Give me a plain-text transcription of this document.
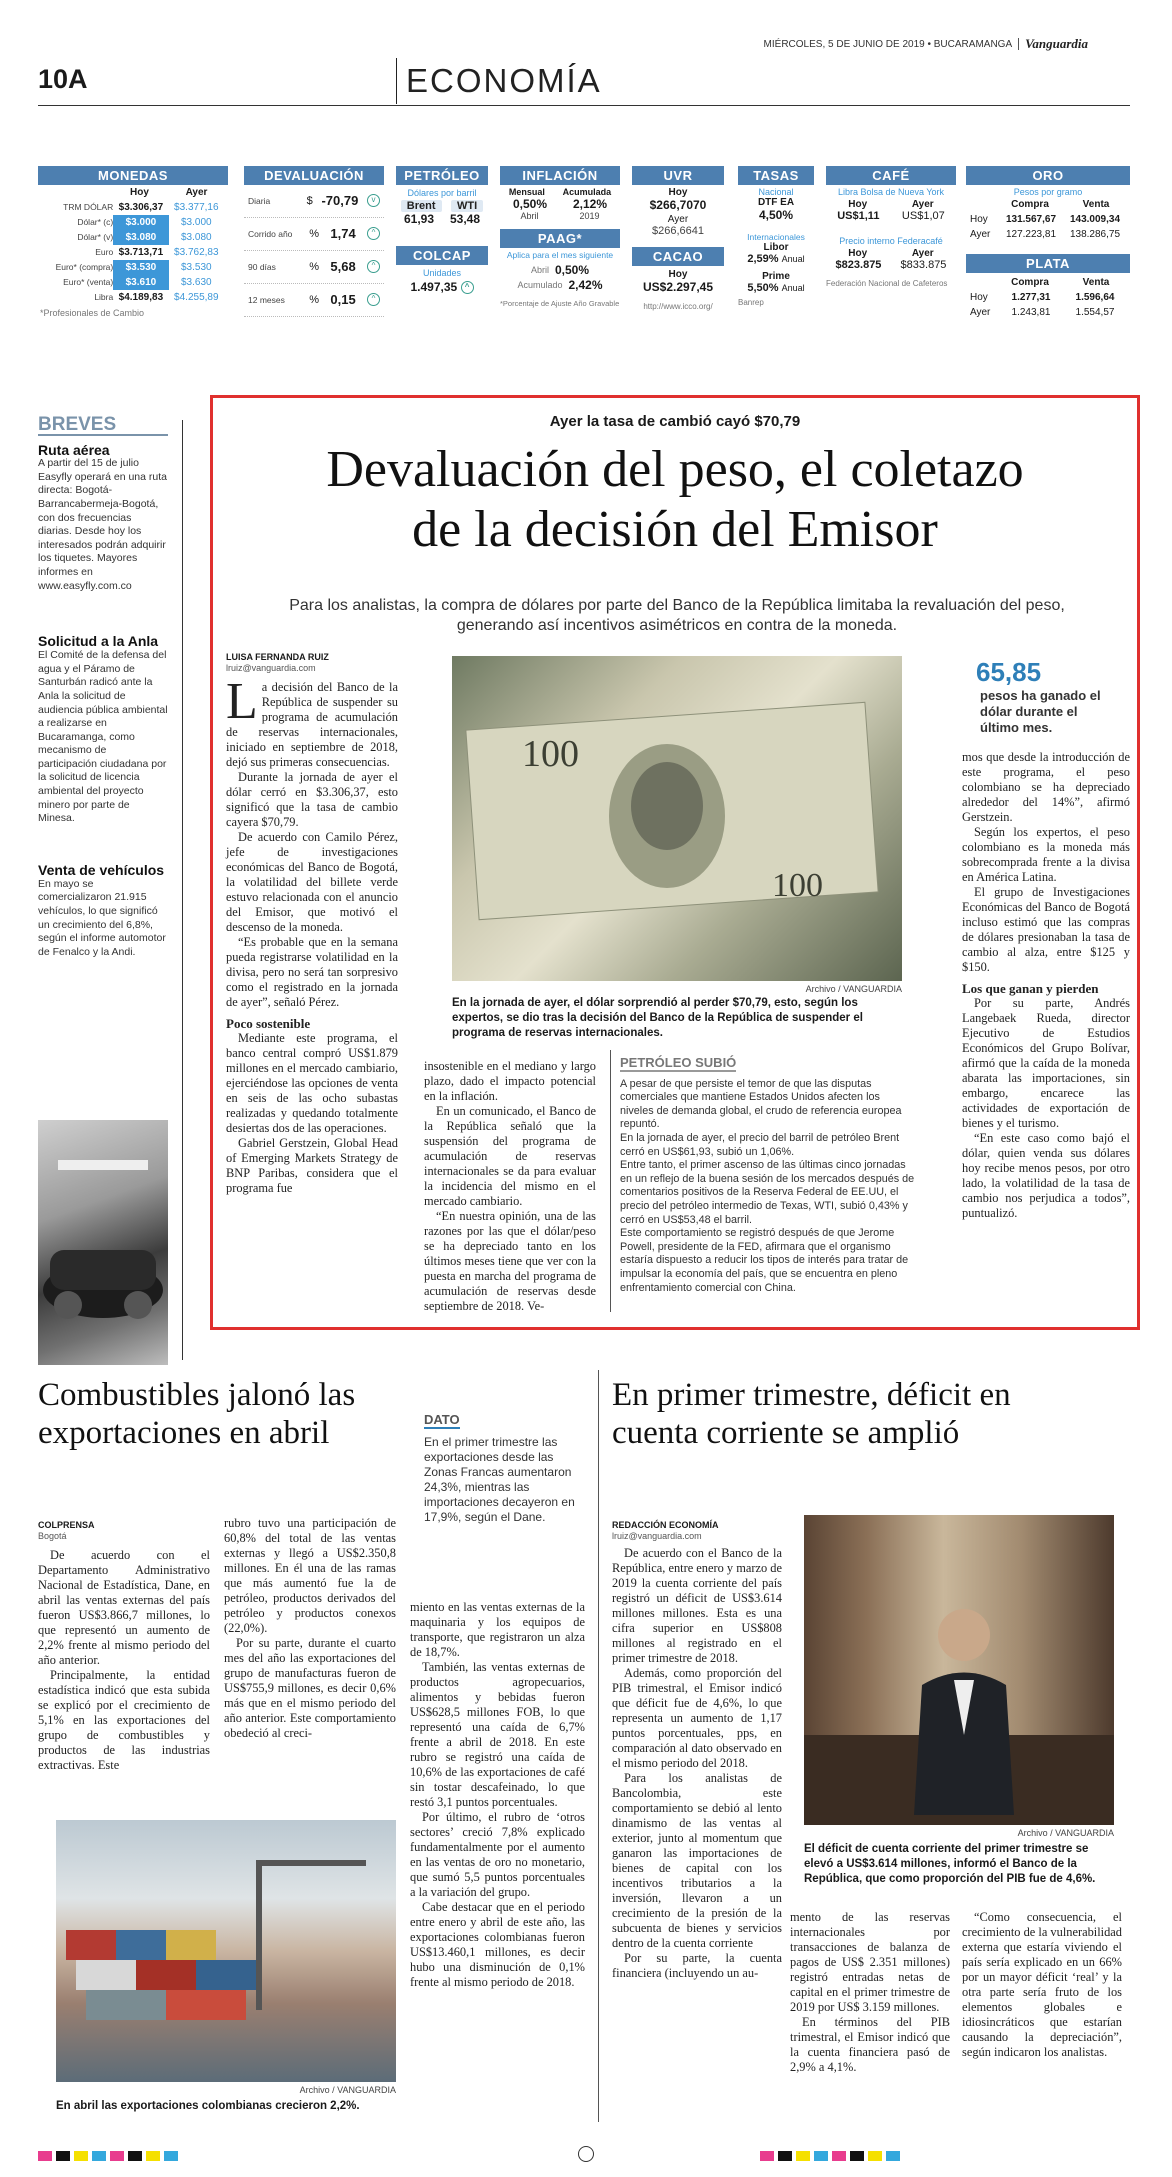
MIÉRCOLES, 5 DE JUNIO DE 2019 • BUCARAMANGA Vanguardia
10A	ECONOMÍA
MONEDAS
Hoy	Ayer
TRM DÓLAR $3.306,37	$3.377,16
Dólar* (c)	$3.000	$3.000
Dólar* (v)	$3.080	$3.080
Euro $3.713,71	$3.762,83
Euro* (compra)	$3.530	$3.530
Euro* (venta)	$3.610	$3.630
Libra $4.189,83	$4.255,89
*Profesionales de Cambio
DEVALUACIÓN
Diaria	$ -70,79	v
Corrido año	% 1,74	^
90 días	% 5,68	^
12 meses	% 0,15	^
PETRÓLEO
Dólares por barril
Brent	WTI
61,93 53,48
COLCAP
Unidades
1.497,35 ^
INFLACIÓN
Mensual Acumulada
0,50% 2,12%
Abril	2019
PAAG*
Aplica para el mes siguiente
Abril 0,50%
Acumulado 2,42%
*Porcentaje de Ajuste Año Gravable
UVR
Hoy
$266,7070
Ayer
$266,6641
CACAO
Hoy
US$2.297,45
http://www.icco.org/
TASAS
Nacional
DTF EA
4,50%
Internacionales
Libor
2,59% Anual
Prime
5,50% Anual
Banrep
CAFÉ
Libra Bolsa de Nueva York
Hoy	Ayer
US$1,11 US$1,07
Precio interno Federacafé
Hoy	Ayer
$823.875 $833.875
Federación Nacional de Cafeteros
ORO
Pesos por gramo
Compra	Venta
Hoy	131.567,67	143.009,34
Ayer	127.223,81	138.286,75
PLATA
Compra	Venta
Hoy	1.277,31	1.596,64
Ayer	1.243,81	1.554,57
BREVES
Ruta aérea
A partir del 15 de julio Easyfly operará en una ruta directa: Bogotá-Barrancabermeja-Bogotá, con dos frecuencias diarias. Desde hoy los interesados podrán adquirir los tiquetes. Mayores informes en www.easyfly.com.co
Solicitud a la Anla
El Comité de la defensa del agua y el Páramo de Santurbán radicó ante la Anla la solicitud de audiencia pública ambiental a realizarse en Bucaramanga, como mecanismo de participación ciudadana por la solicitud de licencia ambiental del proyecto minero por parte de Minesa.
Venta de vehículos
En mayo se comercializaron 21.915 vehículos, lo que significó un crecimiento del 6,8%, según el informe automotor de Fenalco y la Andi.
Ayer la tasa de cambió cayó $70,79
Devaluación del peso, el coletazo
de la decisión del Emisor
Para los analistas, la compra de dólares por parte del Banco de la República limitaba la revaluación del peso, generando así incentivos asimétricos en contra de la moneda.
LUISA FERNANDA RUIZ
lruiz@vanguardia.com

La decisión del Banco de la República de suspender su programa de acumulación de reservas internacionales, iniciado en septiembre de 2018, dejó sus primeras consecuencias.

Durante la jornada de ayer el dólar cerró en $3.306,37, esto significó que la tasa de cambio cayera $70,79.

De acuerdo con Camilo Pérez, jefe de investigaciones económicas del Banco de Bogotá, la volatilidad del billete verde estuvo relacionada con el anuncio del Emisor, que motivó el descenso de la moneda.

“Es probable que en la semana pueda registrarse volatilidad en la divisa, pero no será tan sorpresivo como el registrado en la jornada de ayer”, señaló Pérez.

Poco sostenible

Mediante este programa, el banco central compró US$1.879 millones en el mercado cambiario, ejerciéndose las opciones de venta en seis de las ocho subastas realizadas y quedando totalmente desiertas dos de las operaciones.

Gabriel Gerstzein, Global Head of Emerging Markets Strategy de BNP Paribas, considera que el programa fue

100
100
Archivo / VANGUARDIA
En la jornada de ayer, el dólar sorprendió al perder $70,79, esto, según los expertos, se dio tras la decisión del Banco de la República de suspender el programa de reservas internacionales.
65,85
pesos ha ganado el dólar durante el último mes.

insostenible en el mediano y largo plazo, dado el impacto potencial en la inflación.

En un comunicado, el Banco de la República señaló que la suspensión del programa de acumulación de reservas internacionales se da para evaluar la incidencia del mismo en el mercado cambiario.

“En nuestra opinión, una de las razones por las que el dólar/peso se ha depreciado tanto en los últimos meses tiene que ver con la puesta en marcha del programa de acumulación de reservas desde septiembre de 2018. Ve-

PETRÓLEO SUBIÓ

A pesar de que persiste el temor de que las disputas comerciales que mantiene Estados Unidos afecten los niveles de demanda global, el crudo de referencia europea repuntó.

En la jornada de ayer, el precio del barril de petróleo Brent cerró en US$61,93, subió un 1,06%.

Entre tanto, el primer ascenso de las últimas cinco jornadas en un reflejo de la buena sesión de los mercados después de comentarios positivos de la Reserva Federal de EE.UU, el precio del petróleo intermedio de Texas, WTI, subió 0,43% y cerró en US$53,48 el barril.

Este comportamiento se registró después de que Jerome Powell, presidente de la FED, afirmara que el organismo estaría dispuesto a reducir los tipos de interés para tratar de impulsar la economía del país, que se encuentra en pleno enfrentamiento comercial con China.

mos que desde la introducción de este programa, el peso colombiano se ha depreciado alrededor del 14%”, afirmó Gerstzein.

Según los expertos, el peso colombiano es la moneda más sobrecomprada frente a la divisa en América Latina.

El grupo de Investigaciones Económicas del Banco de Bogotá incluso estimó que las compras de dólares presionaban la tasa de cambio al alza, entre $125 y $150.

Los que ganan y pierden

Por su parte, Andrés Langebaek Rueda, director Ejecutivo de Estudios Económicos del Grupo Bolívar, afirmó que la caída de la moneda abarata las importaciones, sin embargo, encarece las actividades de exportación de bienes y el turismo.

“En este caso como bajó el dólar, quien venda sus dólares hoy recibe menos pesos, por otro lado, la volatilidad de la tasa de cambio nos perjudica a todos”, puntualizó.

Combustibles jalonó las
exportaciones en abril
COLPRENSA
Bogotá

De acuerdo con el Departamento Administrativo Nacional de Estadística, Dane, en abril las ventas externas del país fueron US$3.866,7 millones, lo que representó un aumento de 2,2% frente al mismo periodo del año anterior.

Principalmente, la entidad estadística indicó que esta subida se explicó por el crecimiento de 5,1% en las exportaciones del grupo de combustibles y productos de las industrias extractivas. Este

rubro tuvo una participación de 60,8% del total de las ventas externas y llegó a US$2.350,8 millones. En él una de las ramas que más aumentó fue la de petróleo, productos derivados del petróleo y productos conexos (22,0%).

Por su parte, durante el cuarto mes del año las exportaciones del grupo de manufacturas fueron de US$755,9 millones, es decir 0,6% más que en el mismo periodo del año anterior. Este comportamiento obedeció al creci-

DATO
En el primer trimestre las exportaciones desde las Zonas Francas aumentaron 24,3%, mientras las importaciones decayeron en 17,9%, según el Dane.

miento en las ventas externas de la maquinaria y los equipos de transporte, que registraron un alza de 18,7%.

También, las ventas externas de productos agropecuarios, alimentos y bebidas fueron US$628,5 millones FOB, lo que representó una caída de 6,7% frente a abril de 2018. En este rubro se registró una caída de 10,6% de las exportaciones de café sin tostar descafeinado, lo que restó 3,1 puntos porcentuales.

Por último, el rubro de ‘otros sectores’ creció 7,8% explicado fundamentalmente por el aumento en las ventas de oro no monetario, que sumó 5,5 puntos porcentuales a la variación del grupo.

Cabe destacar que en el periodo entre enero y abril de este año, las exportaciones colombianas fueron US$13.460,1 millones, es decir hubo una disminución de 0,1% frente al mismo periodo de 2018.

Archivo / VANGUARDIA
En abril las exportaciones colombianas crecieron 2,2%.
En primer trimestre, déficit en
cuenta corriente se amplió
REDACCIÓN ECONOMÍA
lruiz@vanguardia.com

De acuerdo con el Banco de la República, entre enero y marzo de 2019 la cuenta corriente del país registró un déficit de US$3.614 millones millones. Esta es una cifra superior en US$808 millones al registrado en el primer trimestre de 2018.

Además, como proporción del PIB trimestral, el Emisor indicó que déficit fue de 4,6%, lo que representa un aumento de 1,17 puntos porcentuales, pps, en comparación al dato observado en el mismo periodo del 2018.

Para los analistas de Bancolombia, este comportamiento se debió al lento dinamismo de las ventas al exterior, junto al momentum que ganaron las importaciones de bienes de capital con los incentivos tributarios a la inversión, llevaron a un crecimiento de la presión de la subcuenta de bienes y servicios dentro de la cuenta corriente

Por su parte, la cuenta financiera (incluyendo un au-

Archivo / VANGUARDIA
El déficit de cuenta corriente del primer trimestre se elevó a US$3.614 millones, informó el Banco de la República, que como proporción del PIB fue de 4,6%.

mento de las reservas internacionales por transacciones de balanza de pagos de US$ 2.351 millones) registró entradas netas de capital en el primer trimestre de 2019 por US$ 3.159 millones.

En términos del PIB trimestral, el Emisor indicó que la cuenta financiera pasó de 2,9% a 4,1%.

“Como consecuencia, el crecimiento de la vulnerabilidad externa que estaría viviendo el país sería explicado en un 66% por un mayor déficit ‘real’ y la otra parte sería fruto de los elementos globales e idiosincráticos que estarían causando la depreciación”, según indicaron los analistas.
